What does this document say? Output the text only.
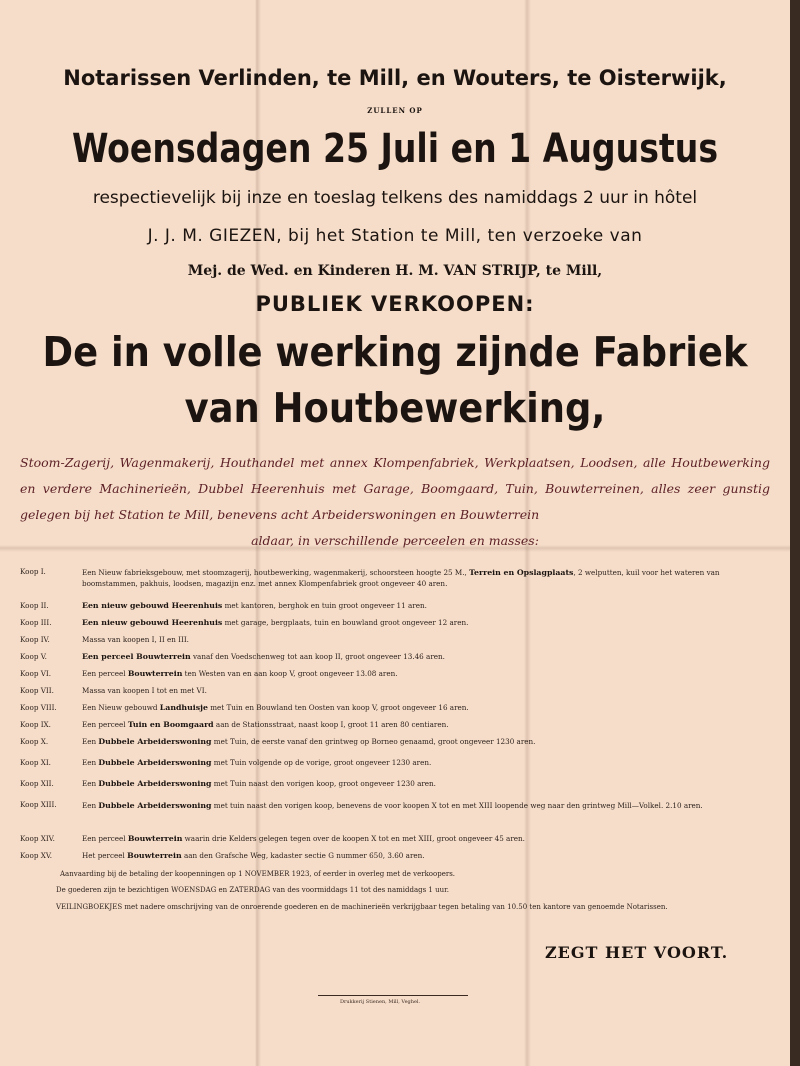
Notarissen Verlinden, te Mill, en Wouters, te Oisterwijk,
ZULLEN OP
Woensdagen 25 Juli en 1 Augustus
respectievelijk bij inze en toeslag telkens des namiddags 2 uur in hôtel
J. J. M. GIEZEN, bij het Station te Mill, ten verzoeke van
Mej. de Wed. en Kinderen H. M. VAN STRIJP, te Mill,
PUBLIEK VERKOOPEN:
De in volle werking zijnde Fabriek
van Houtbewerking,
Stoom-Zagerij, Wagenmakerij, Houthandel met annex Klompenfabriek, Werkplaatsen, Loodsen, alle Houtbewerking en verdere Machinerieën, Dubbel Heerenhuis met Garage, Boomgaard, Tuin, Bouwterreinen, alles zeer gunstig gelegen bij het Station te Mill, benevens acht Arbeiderswoningen en Bouwterrein
aldaar, in verschillende perceelen en masses:
Koop I.	Een Nieuw fabrieksgebouw, met stoomzagerij, houtbewerking, wagenmakerij, schoorsteen hoogte 25 M., Terrein en Opslagplaats, 2 welputten, kuil voor het wateren van boomstammen, pakhuis, loodsen, magazijn enz. met annex Klompenfabriek groot ongeveer 40 aren.
Koop II.	Een nieuw gebouwd Heerenhuis met kantoren, berghok en tuin groot ongeveer 11 aren.
Koop III.	Een nieuw gebouwd Heerenhuis met garage, bergplaats, tuin en bouwland groot ongeveer 12 aren.
Koop IV.	Massa van koopen I, II en III.
Koop V.	Een perceel Bouwterrein vanaf den Voedschenweg tot aan koop II, groot ongeveer 13.46 aren.
Koop VI.	Een perceel Bouwterrein ten Westen van en aan koop V, groot ongeveer 13.08 aren.
Koop VII.	Massa van koopen I tot en met VI.
Koop VIII.	Een Nieuw gebouwd Landhuisje met Tuin en Bouwland ten Oosten van koop V, groot ongeveer 16 aren.
Koop IX.	Een perceel Tuin en Boomgaard aan de Stationsstraat, naast koop I, groot 11 aren 80 centiaren.
Koop X.	Een Dubbele Arbeiderswoning met Tuin, de eerste vanaf den grintweg op Borneo genaamd, groot ongeveer 1230 aren.
Koop XI.	Een Dubbele Arbeiderswoning met Tuin volgende op de vorige, groot ongeveer 1230 aren.
Koop XII.	Een Dubbele Arbeiderswoning met Tuin naast den vorigen koop, groot ongeveer 1230 aren.
Koop XIII.	Een Dubbele Arbeiderswoning met tuin naast den vorigen koop, benevens de voor koopen X tot en met XIII loopende weg naar den grintweg Mill—Volkel. 2.10 aren.
Koop XIV.	Een perceel Bouwterrein waarin drie Kelders gelegen tegen over de koopen X tot en met XIII, groot ongeveer 45 aren.
Koop XV.	Het perceel Bouwterrein aan den Grafsche Weg, kadaster sectie G nummer 650, 3.60 aren.
Aanvaarding bij de betaling der koopenningen op 1 NOVEMBER 1923, of eerder in overleg met de verkoopers.
De goederen zijn te bezichtigen WOENSDAG en ZATERDAG van des voormiddags 11 tot des namiddags 1 uur.
VEILINGBOEKJES met nadere omschrijving van de onroerende goederen en de machinerieën verkrijgbaar tegen betaling van 10.50 ten kantore van genoemde Notarissen.
ZEGT HET VOORT.
Drukkerij Stienen, Mill, Veghel.
